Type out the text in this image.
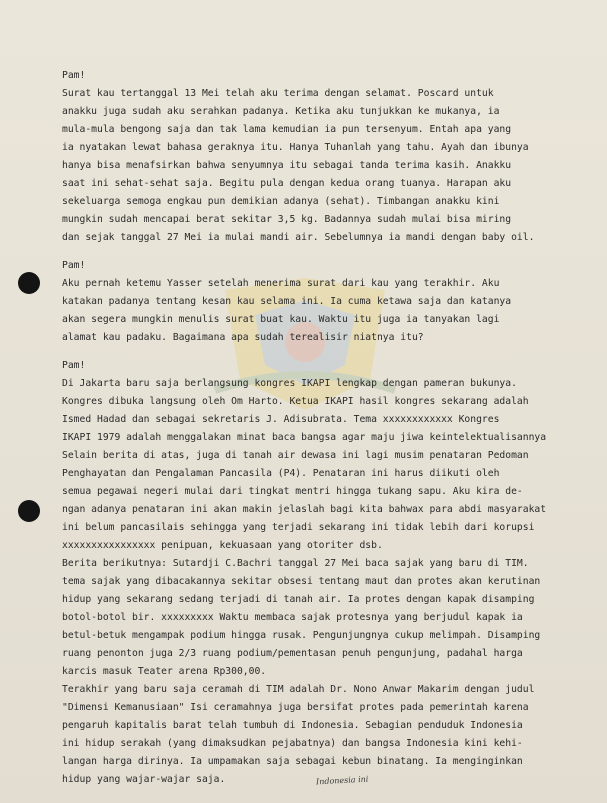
Pam!
Surat kau tertanggal 13 Mei telah aku terima dengan selamat. Poscard untuk
anakku juga sudah aku serahkan padanya. Ketika aku tunjukkan ke mukanya, ia
mula-mula bengong saja dan tak lama kemudian ia pun tersenyum. Entah apa yang
ia nyatakan lewat bahasa geraknya itu. Hanya Tuhanlah yang tahu. Ayah dan ibunya
hanya bisa menafsirkan bahwa senyumnya itu sebagai tanda terima kasih. Anakku
saat ini sehat-sehat saja. Begitu pula dengan kedua orang tuanya. Harapan aku
sekeluarga semoga engkau pun demikian adanya (sehat). Timbangan anakku kini
mungkin sudah mencapai berat sekitar 3,5 kg. Badannya sudah mulai bisa miring
dan sejak tanggal 27 Mei ia mulai mandi air. Sebelumnya ia mandi dengan baby oil.
Pam!
Aku pernah ketemu Yasser setelah menerima surat dari kau yang terakhir. Aku
katakan padanya tentang kesan kau selama ini. Ia cuma ketawa saja dan katanya
akan segera mungkin menulis surat buat kau. Waktu itu juga ia tanyakan lagi
alamat kau padaku. Bagaimana apa sudah terealisir niatnya itu?
Pam!
Di Jakarta baru saja berlangsung kongres IKAPI lengkap dengan pameran bukunya.
Kongres dibuka langsung oleh Om Harto. Ketua IKAPI hasil kongres sekarang adalah
Ismed Hadad dan sebagai sekretaris J. Adisubrata. Tema xxxxxxxxxxxx Kongres
IKAPI 1979 adalah menggalakan minat baca bangsa agar maju jiwa keintelektualisannya
Selain berita di atas, juga di tanah air dewasa ini lagi musim penataran Pedoman
Penghayatan dan Pengalaman Pancasila (P4). Penataran ini harus diikuti oleh
semua pegawai negeri mulai dari tingkat mentri hingga tukang sapu. Aku kira de-
ngan adanya penataran ini akan makin jelaslah bagi kita bahwax para abdi masyarakat
ini belum pancasilais sehingga yang terjadi sekarang ini tidak lebih dari korupsi
xxxxxxxxxxxxxxxx penipuan, kekuasaan yang otoriter dsb.
Berita berikutnya: Sutardji C.Bachri tanggal 27 Mei baca sajak yang baru di TIM.
tema sajak yang dibacakannya sekitar obsesi tentang maut dan protes akan kerutinan
hidup yang sekarang sedang terjadi di tanah air. Ia protes dengan kapak disamping
botol-botol bir. xxxxxxxxx Waktu membaca sajak protesnya yang berjudul kapak ia
betul-betuk mengampak podium hingga rusak. Pengunjungnya cukup melimpah. Disamping
ruang penonton juga 2/3 ruang podium/pementasan penuh pengunjung, padahal harga
karcis masuk Teater arena Rp300,00.
Terakhir yang baru saja ceramah di TIM adalah Dr. Nono Anwar Makarim dengan judul
"Dimensi Kemanusiaan" Isi ceramahnya juga bersifat protes pada pemerintah karena
pengaruh kapitalis barat telah tumbuh di Indonesia. Sebagian penduduk Indonesia
ini hidup serakah (yang dimaksudkan pejabatnya) dan bangsa Indonesia kini kehi-
langan harga dirinya. Ia umpamakan saja sebagai kebun binatang. Ia menginginkan
hidup yang wajar-wajar saja.	Indonesia ini
